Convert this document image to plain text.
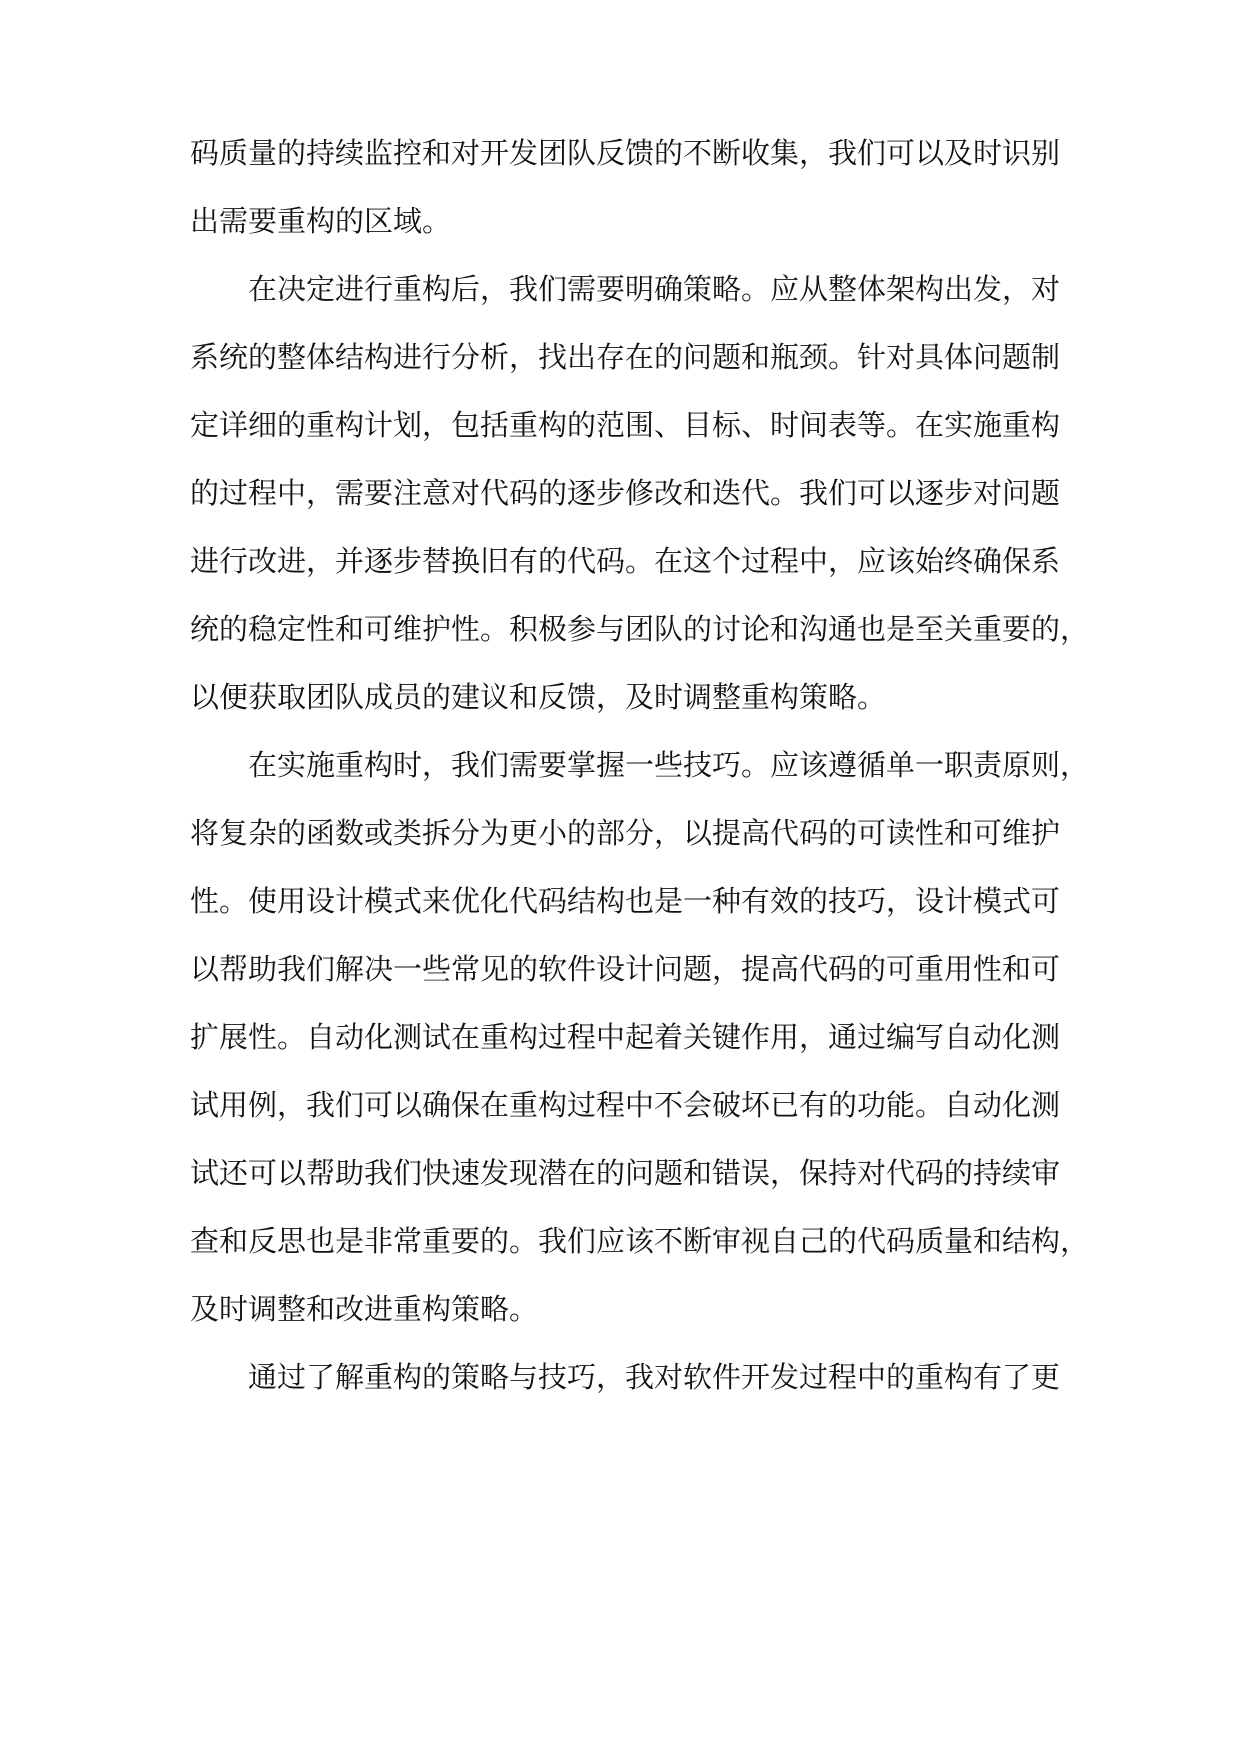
码质量的持续监控和对开发团队反馈的不断收集，我们可以及时识别
出需要重构的区域。
在决定进行重构后，我们需要明确策略。应从整体架构出发，对
系统的整体结构进行分析，找出存在的问题和瓶颈。针对具体问题制
定详细的重构计划，包括重构的范围、目标、时间表等。在实施重构
的过程中，需要注意对代码的逐步修改和迭代。我们可以逐步对问题
进行改进，并逐步替换旧有的代码。在这个过程中，应该始终确保系
统的稳定性和可维护性。积极参与团队的讨论和沟通也是至关重要的，
以便获取团队成员的建议和反馈，及时调整重构策略。
在实施重构时，我们需要掌握一些技巧。应该遵循单一职责原则，
将复杂的函数或类拆分为更小的部分，以提高代码的可读性和可维护
性。使用设计模式来优化代码结构也是一种有效的技巧，设计模式可
以帮助我们解决一些常见的软件设计问题，提高代码的可重用性和可
扩展性。自动化测试在重构过程中起着关键作用，通过编写自动化测
试用例，我们可以确保在重构过程中不会破坏已有的功能。自动化测
试还可以帮助我们快速发现潜在的问题和错误，保持对代码的持续审
查和反思也是非常重要的。我们应该不断审视自己的代码质量和结构，
及时调整和改进重构策略。
通过了解重构的策略与技巧，我对软件开发过程中的重构有了更
